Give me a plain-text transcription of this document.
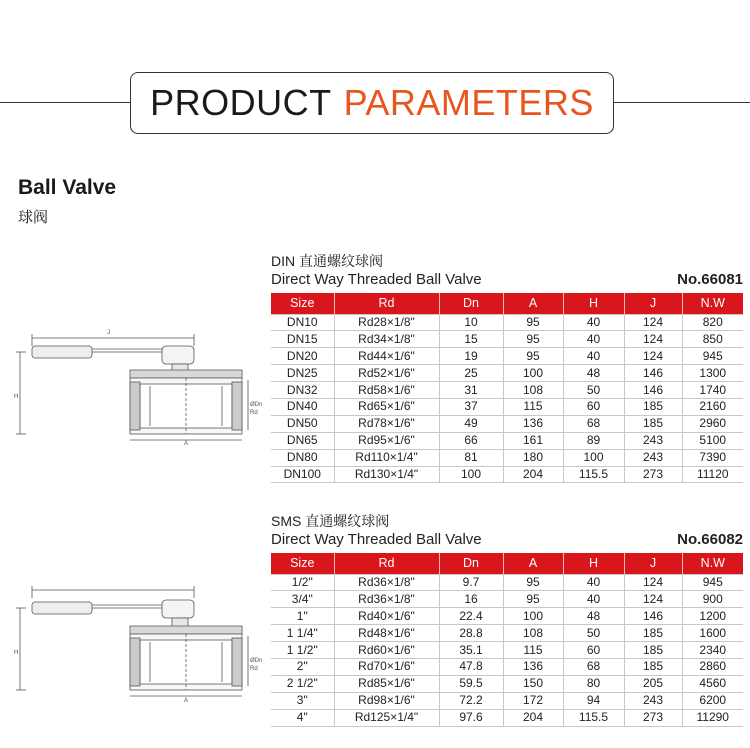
PRODUCT PARAMETERS
Ball Valve
球阀
DIN 直通螺纹球阀
Direct Way Threaded Ball Valve	No.66081
Size	Rd	Dn	A	H	J	N.W
DN10	Rd28×1/8"	10	95	40	124	820
DN15	Rd34×1/8"	15	95	40	124	850
DN20	Rd44×1/6"	19	95	40	124	945
DN25	Rd52×1/6"	25	100	48	146	1300
DN32	Rd58×1/6"	31	108	50	146	1740
DN40	Rd65×1/6"	37	115	60	185	2160
DN50	Rd78×1/6"	49	136	68	185	2960
DN65	Rd95×1/6"	66	161	89	243	5100
DN80	Rd110×1/4"	81	180	100	243	7390
DN100	Rd130×1/4"	100	204	115.5	273	11120
SMS 直通螺纹球阀
Direct Way Threaded Ball Valve	No.66082
Size	Rd	Dn	A	H	J	N.W
1/2"	Rd36×1/8"	9.7	95	40	124	945
3/4"	Rd36×1/8"	16	95	40	124	900
1"	Rd40×1/6"	22.4	100	48	146	1200
1 1/4"	Rd48×1/6"	28.8	108	50	185	1600
1 1/2"	Rd60×1/6"	35.1	115	60	185	2340
2"	Rd70×1/6"	47.8	136	68	185	2860
2 1/2"	Rd85×1/6"	59.5	150	80	205	4560
3"	Rd98×1/6"	72.2	172	94	243	6200
4"	Rd125×1/4"	97.6	204	115.5	273	11290
J
H
A
ØDn
Rd
H
A
ØDn
Rd
